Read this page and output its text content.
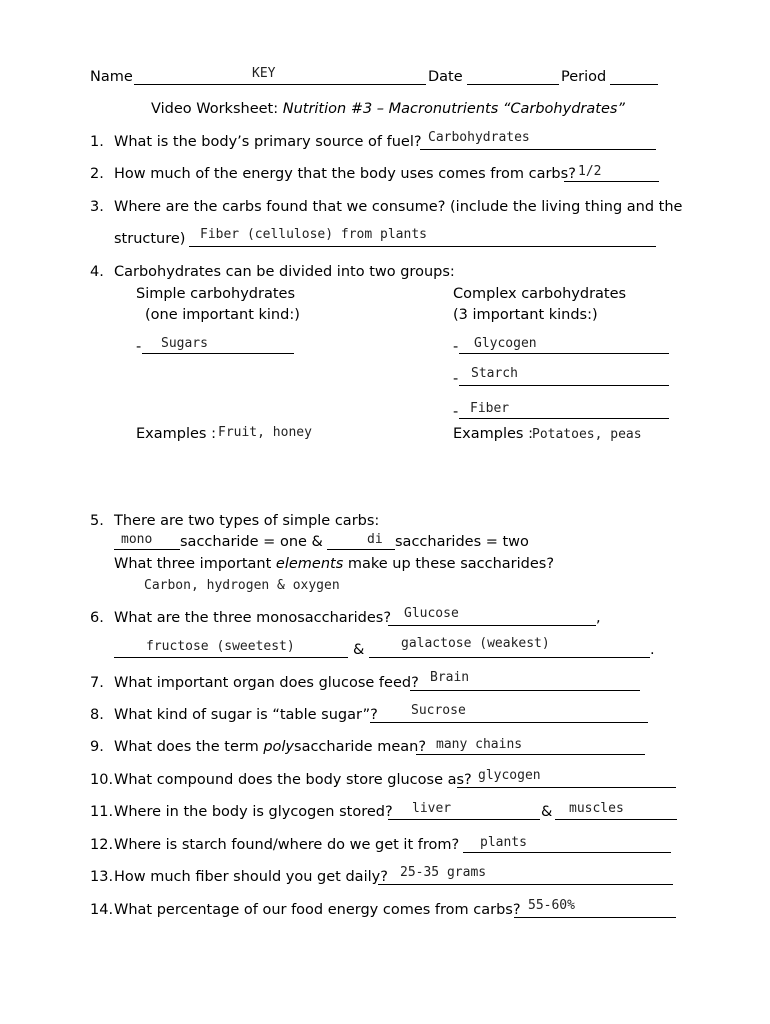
Name	KEY	Date	Period
Video Worksheet: Nutrition #3 – Macronutrients “Carbohydrates”
1. What is the body’s primary source of fuel? Carbohydrates
2. How much of the energy that the body uses comes from carbs? 1/2
3. Where are the carbs found that we consume? (include the living thing and the
structure) Fiber (cellulose) from plants
4. Carbohydrates can be divided into two groups:
Simple carbohydrates
(one important kind:)
Complex carbohydrates
(3 important kinds:)
- Sugars	- Glycogen
- Starch
- Fiber
Examples : Fruit, honey	Examples : Potatoes, peas
5. There are two types of simple carbs:
mono saccharide = one &	di saccharides = two
What three important elements make up these saccharides?
Carbon, hydrogen & oxygen
6. What are the three monosaccharides?	,
Glucose
fructose (sweetest)	&	.
galactose (weakest)
7. What important organ does glucose feed? Brain
8. What kind of sugar is “table sugar”?	Sucrose
9. What does the term polysaccharide mean? many chains
10. What compound does the body store glucose as? glycogen
11. Where in the body is glycogen stored? liver	& muscles
12. Where is starch found/where do we get it from? plants
13. How much fiber should you get daily? 25-35 grams
14. What percentage of our food energy comes from carbs? 55-60%
